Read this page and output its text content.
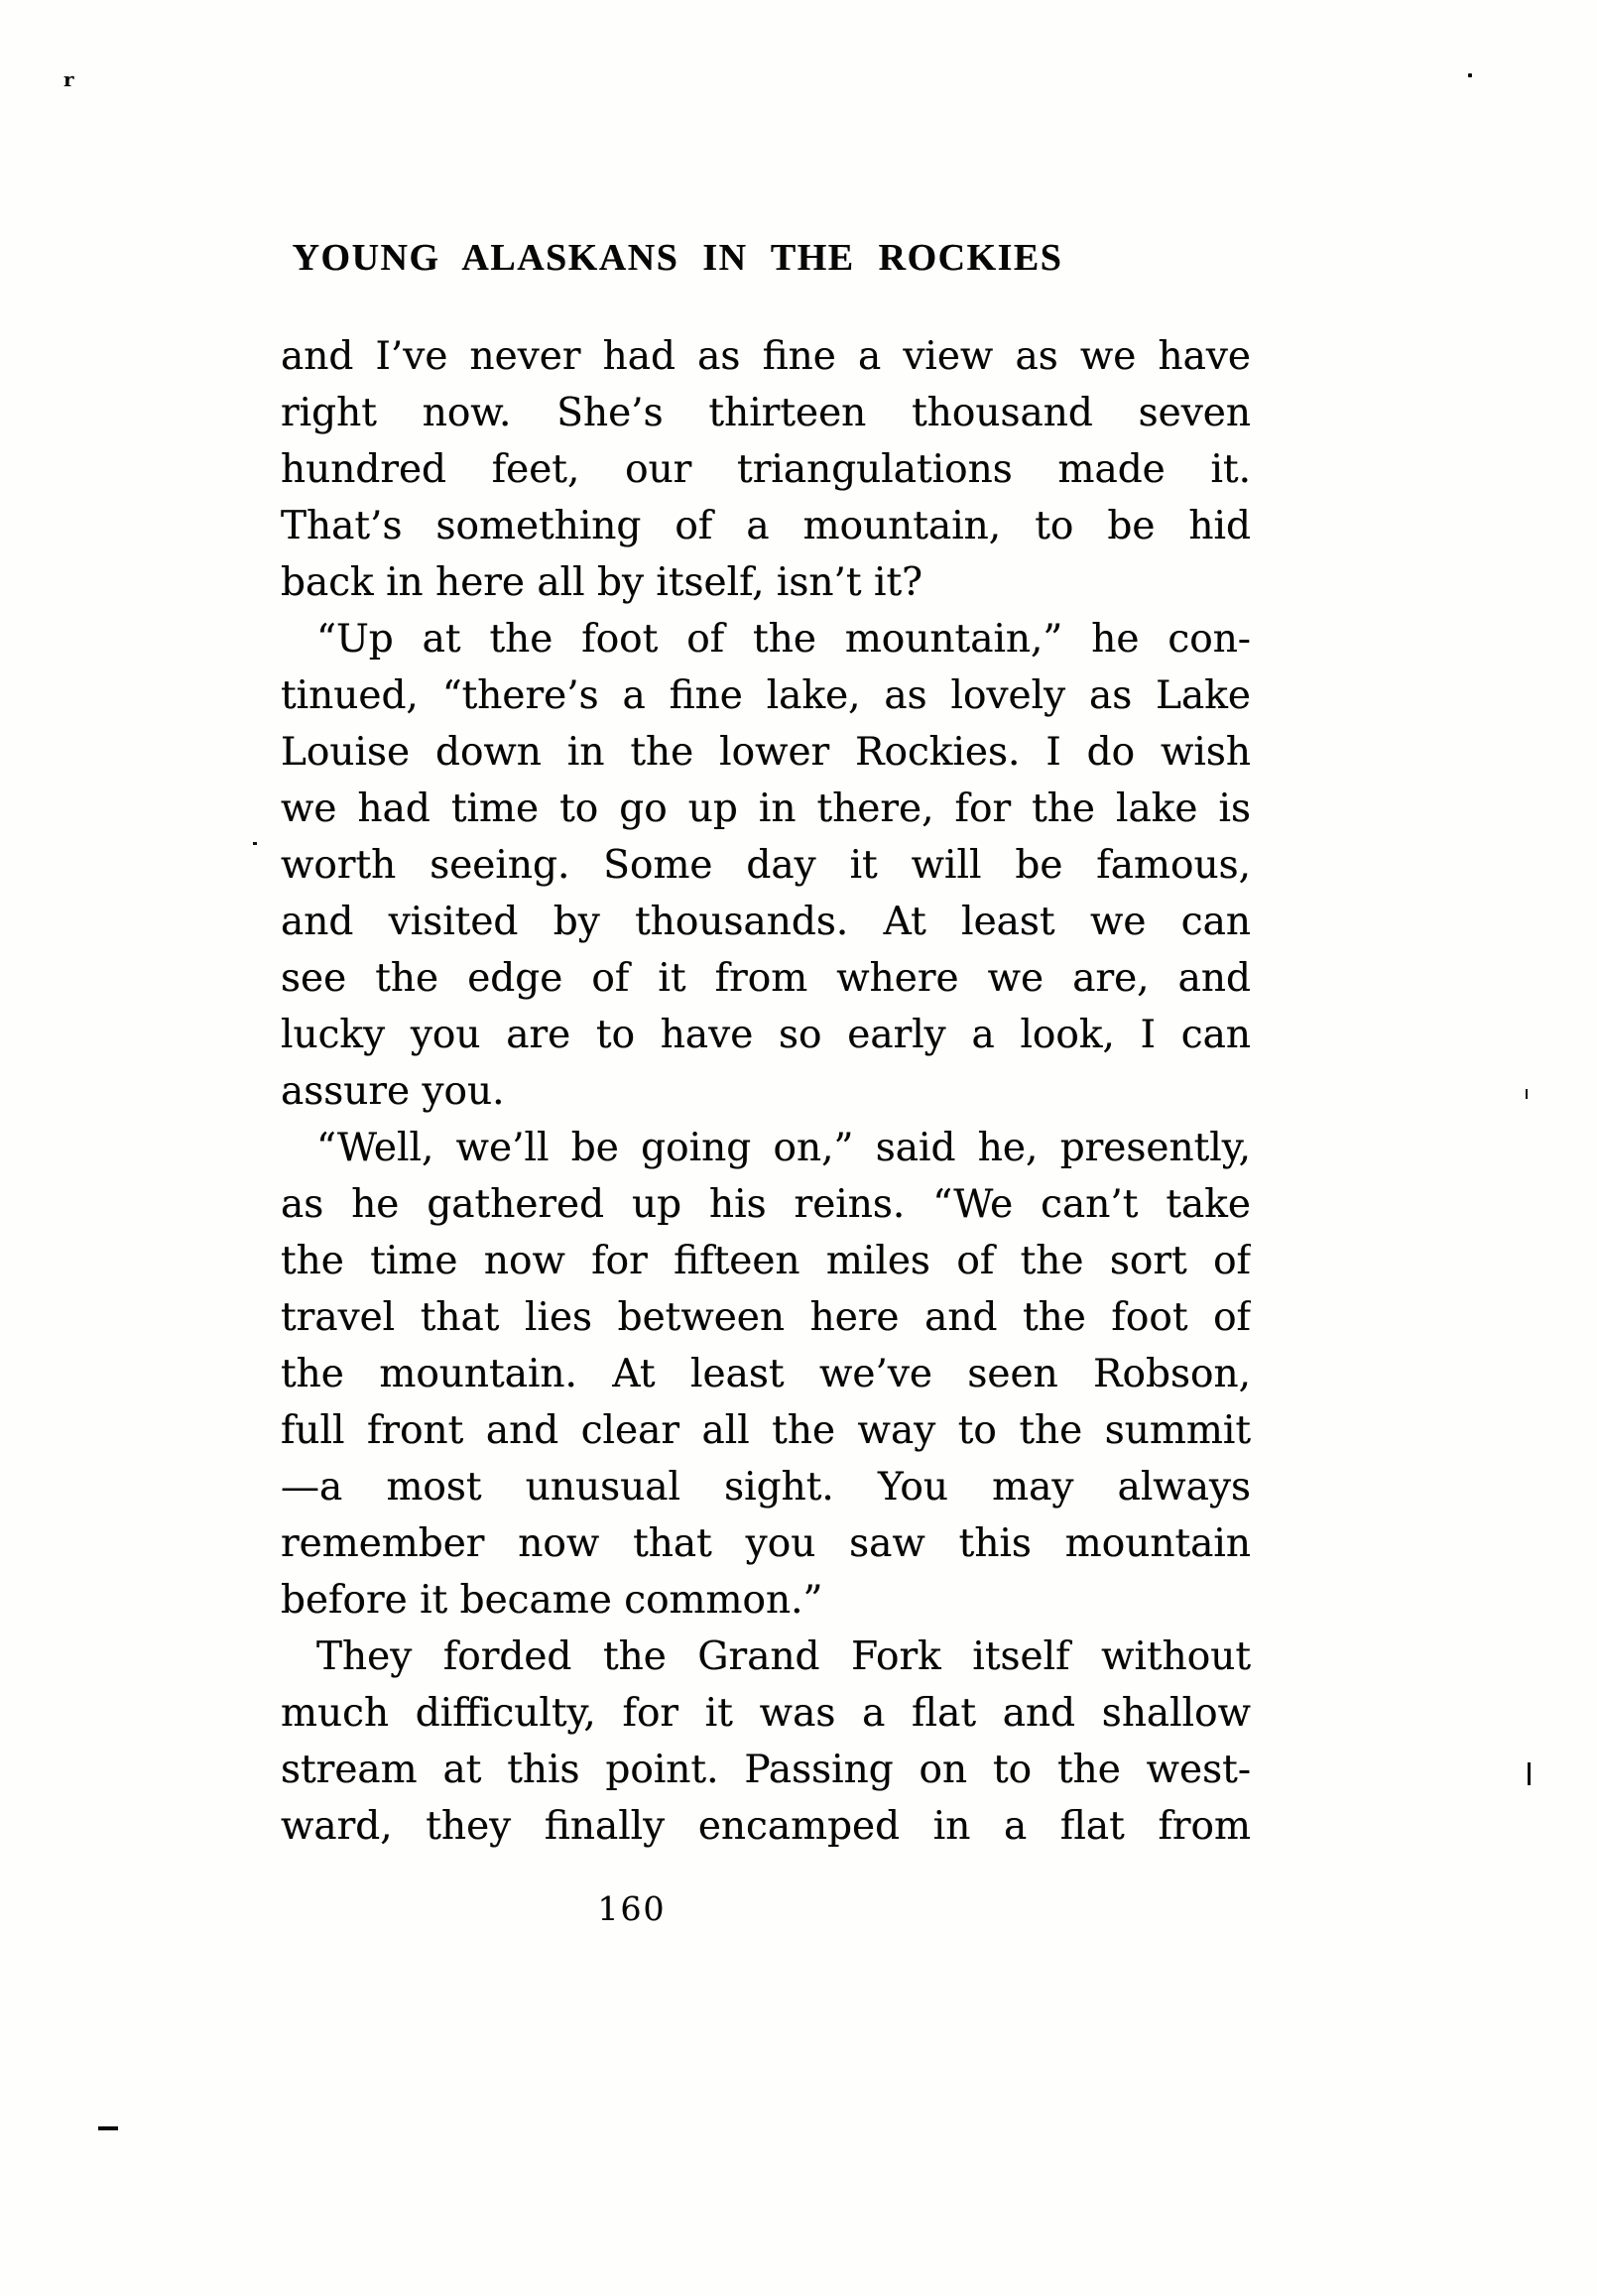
YOUNG ALASKANS IN THE ROCKIES
and I’ve never had as fine a view as we have
right now. She’s thirteen thousand seven
hundred feet, our triangulations made it.
That’s something of a mountain, to be hid
back in here all by itself, isn’t it?
“Up at the foot of the mountain,” he con-
tinued, “there’s a fine lake, as lovely as Lake
Louise down in the lower Rockies. I do wish
we had time to go up in there, for the lake is
worth seeing. Some day it will be famous,
and visited by thousands. At least we can
see the edge of it from where we are, and
lucky you are to have so early a look, I can
assure you.
“Well, we’ll be going on,” said he, presently,
as he gathered up his reins. “We can’t take
the time now for fifteen miles of the sort of
travel that lies between here and the foot of
the mountain. At least we’ve seen Robson,
full front and clear all the way to the summit
—a most unusual sight. You may always
remember now that you saw this mountain
before it became common.”
They forded the Grand Fork itself without
much difficulty, for it was a flat and shallow
stream at this point. Passing on to the west-
ward, they finally encamped in a flat from
160
r
